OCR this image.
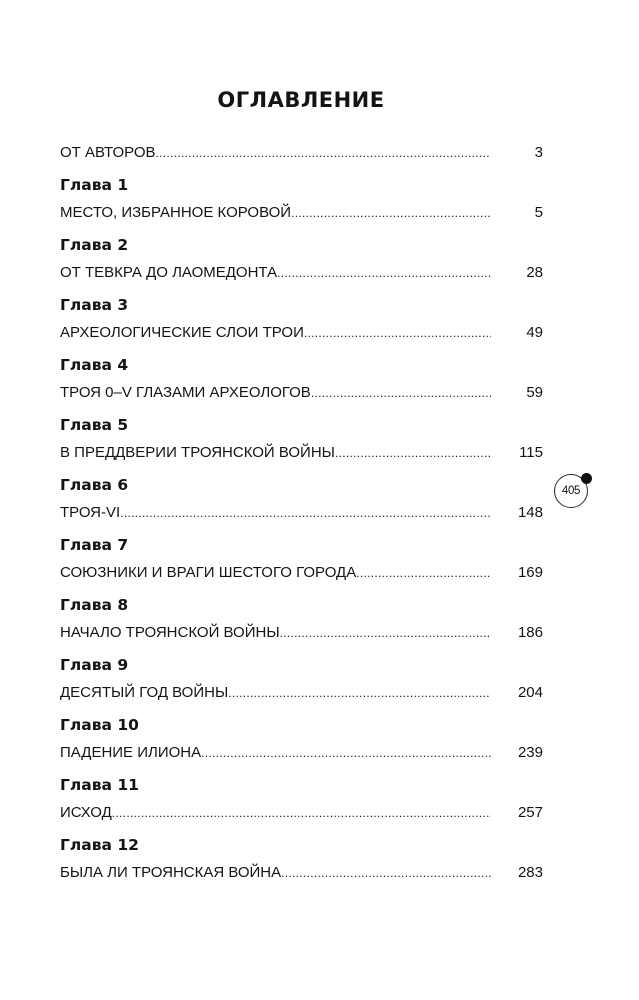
ОГЛАВЛЕНИЕ
ОТ АВТОРОВ .....	3
Глава 1
МЕСТО, ИЗБРАННОЕ КОРОВОЙ .....	5
Глава 2
ОТ ТЕВКРА ДО ЛАОМЕДОНТА .....	28
Глава 3
АРХЕОЛОГИЧЕСКИЕ СЛОИ ТРОИ .....	49
Глава 4
ТРОЯ 0–V ГЛАЗАМИ АРХЕОЛОГОВ .....	59
Глава 5
В ПРЕДДВЕРИИ ТРОЯНСКОЙ ВОЙНЫ .....	115
Глава 6
ТРОЯ-VI .....	148
Глава 7
СОЮЗНИКИ И ВРАГИ ШЕСТОГО ГОРОДА .....	169
Глава 8
НАЧАЛО ТРОЯНСКОЙ ВОЙНЫ .....	186
Глава 9
ДЕСЯТЫЙ ГОД ВОЙНЫ .....	204
Глава 10
ПАДЕНИЕ ИЛИОНА .....	239
Глава 11
ИСХОД .....	257
Глава 12
БЫЛА ЛИ ТРОЯНСКАЯ ВОЙНА .....	283
405
